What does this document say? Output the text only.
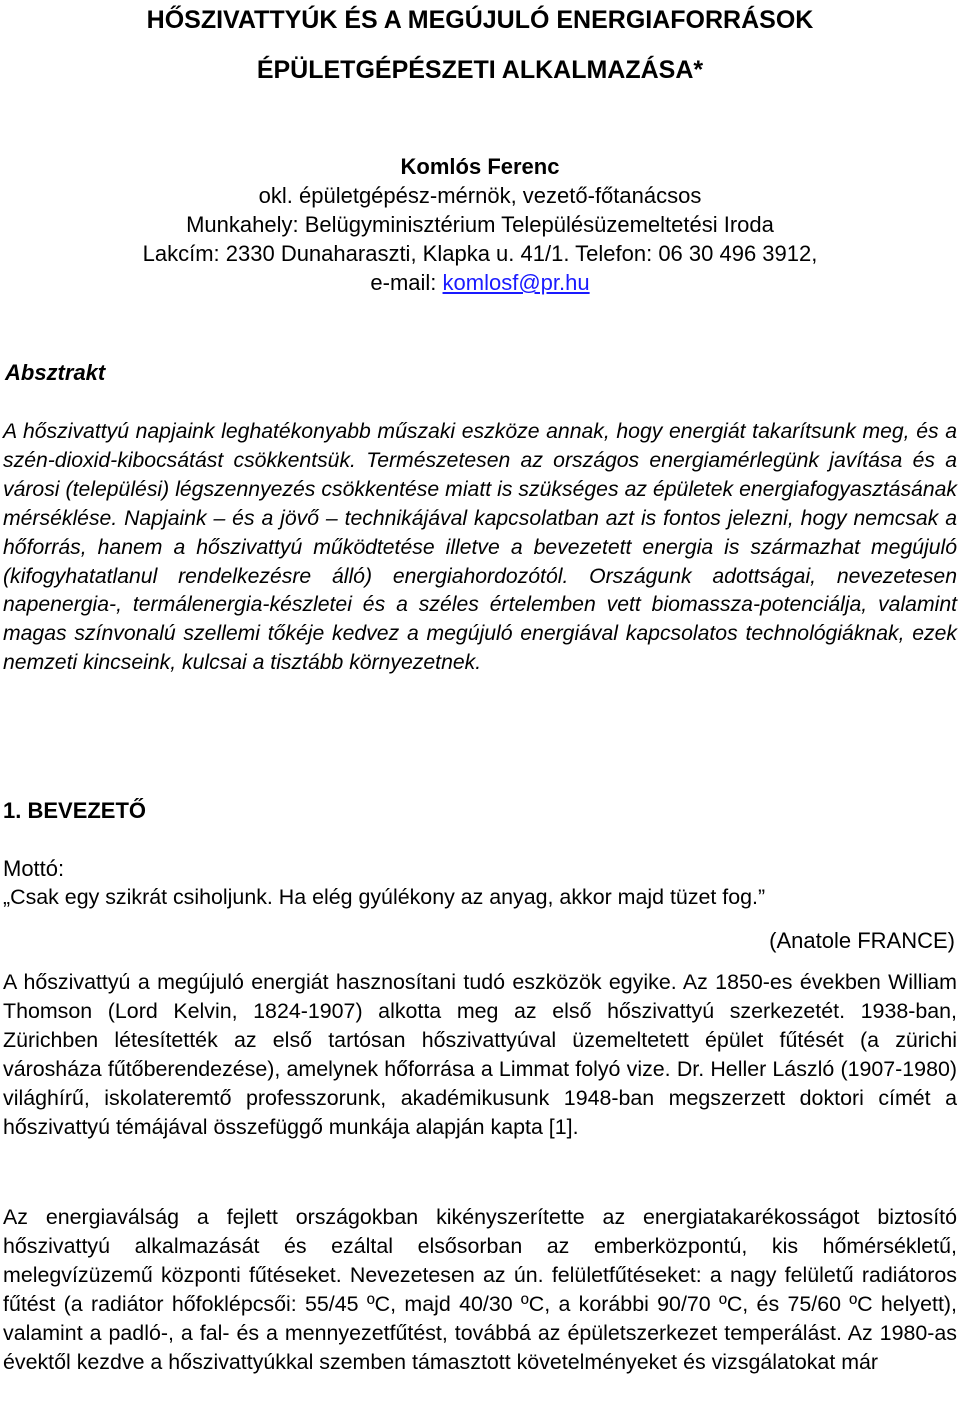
HŐSZIVATTYÚK ÉS A MEGÚJULÓ ENERGIAFORRÁSOK
ÉPÜLETGÉPÉSZETI ALKALMAZÁSA*
Komlós Ferenc
okl. épületgépész-mérnök, vezető-főtanácsos
Munkahely: Belügyminisztérium Településüzemeltetési Iroda
Lakcím: 2330 Dunaharaszti, Klapka u. 41/1. Telefon: 06 30 496 3912,
e-mail: komlosf@pr.hu
Absztrakt

A hőszivattyú napjaink leghatékonyabb műszaki eszköze annak, hogy energiát takarítsunk meg, és a szén-dioxid-kibocsátást csökkentsük. Természetesen az országos energiamérlegünk javítása és a városi (települési) légszennyezés csökkentése miatt is szükséges az épületek energiafogyasztásának mérséklése. Napjaink – és a jövő – technikájával kapcsolatban azt is fontos jelezni, hogy nemcsak a hőforrás, hanem a hőszivattyú működtetése illetve a bevezetett energia is származhat megújuló (kifogyhatatlanul rendelkezésre álló) energiahordozótól. Országunk adottságai, nevezetesen napenergia-, termálenergia-készletei és a széles értelemben vett biomassza-potenciálja, valamint magas színvonalú szellemi tőkéje kedvez a megújuló energiával kapcsolatos technológiáknak, ezek nemzeti kincseink, kulcsai a tisztább környezetnek.

1. BEVEZETŐ
Mottó:
„Csak egy szikrát csiholjunk. Ha elég gyúlékony az anyag, akkor majd tüzet fog.”
(Anatole FRANCE)

A hőszivattyú a megújuló energiát hasznosítani tudó eszközök egyike. Az 1850-es években William Thomson (Lord Kelvin, 1824-1907) alkotta meg az első hőszivattyú szerkezetét. 1938-ban, Zürichben létesítették az első tartósan hőszivattyúval üzemeltetett épület fűtését (a zürichi városháza fűtőberendezése), amelynek hőforrása a Limmat folyó vize. Dr. Heller László (1907-1980) világhírű, iskolateremtő professzorunk, akadémikusunk 1948-ban megszerzett doktori címét a hőszivattyú témájával összefüggő munkája alapján kapta [1].

Az energiaválság a fejlett országokban kikényszerítette az energiatakarékosságot biztosító hőszivattyú alkalmazását és ezáltal elsősorban az emberközpontú, kis hőmérsékletű, melegvízüzemű központi fűtéseket. Nevezetesen az ún. felületfűtéseket: a nagy felületű radiátoros fűtést (a radiátor hőfoklépcsői: 55/45 ºC, majd 40/30 ºC, a korábbi 90/70 ºC, és 75/60 ºC helyett), valamint a padló-, a fal- és a mennyezetfűtést, továbbá az épületszerkezet temperálást. Az 1980-as évektől kezdve a hőszivattyúkkal szemben támasztott követelményeket és vizsgálatokat már
